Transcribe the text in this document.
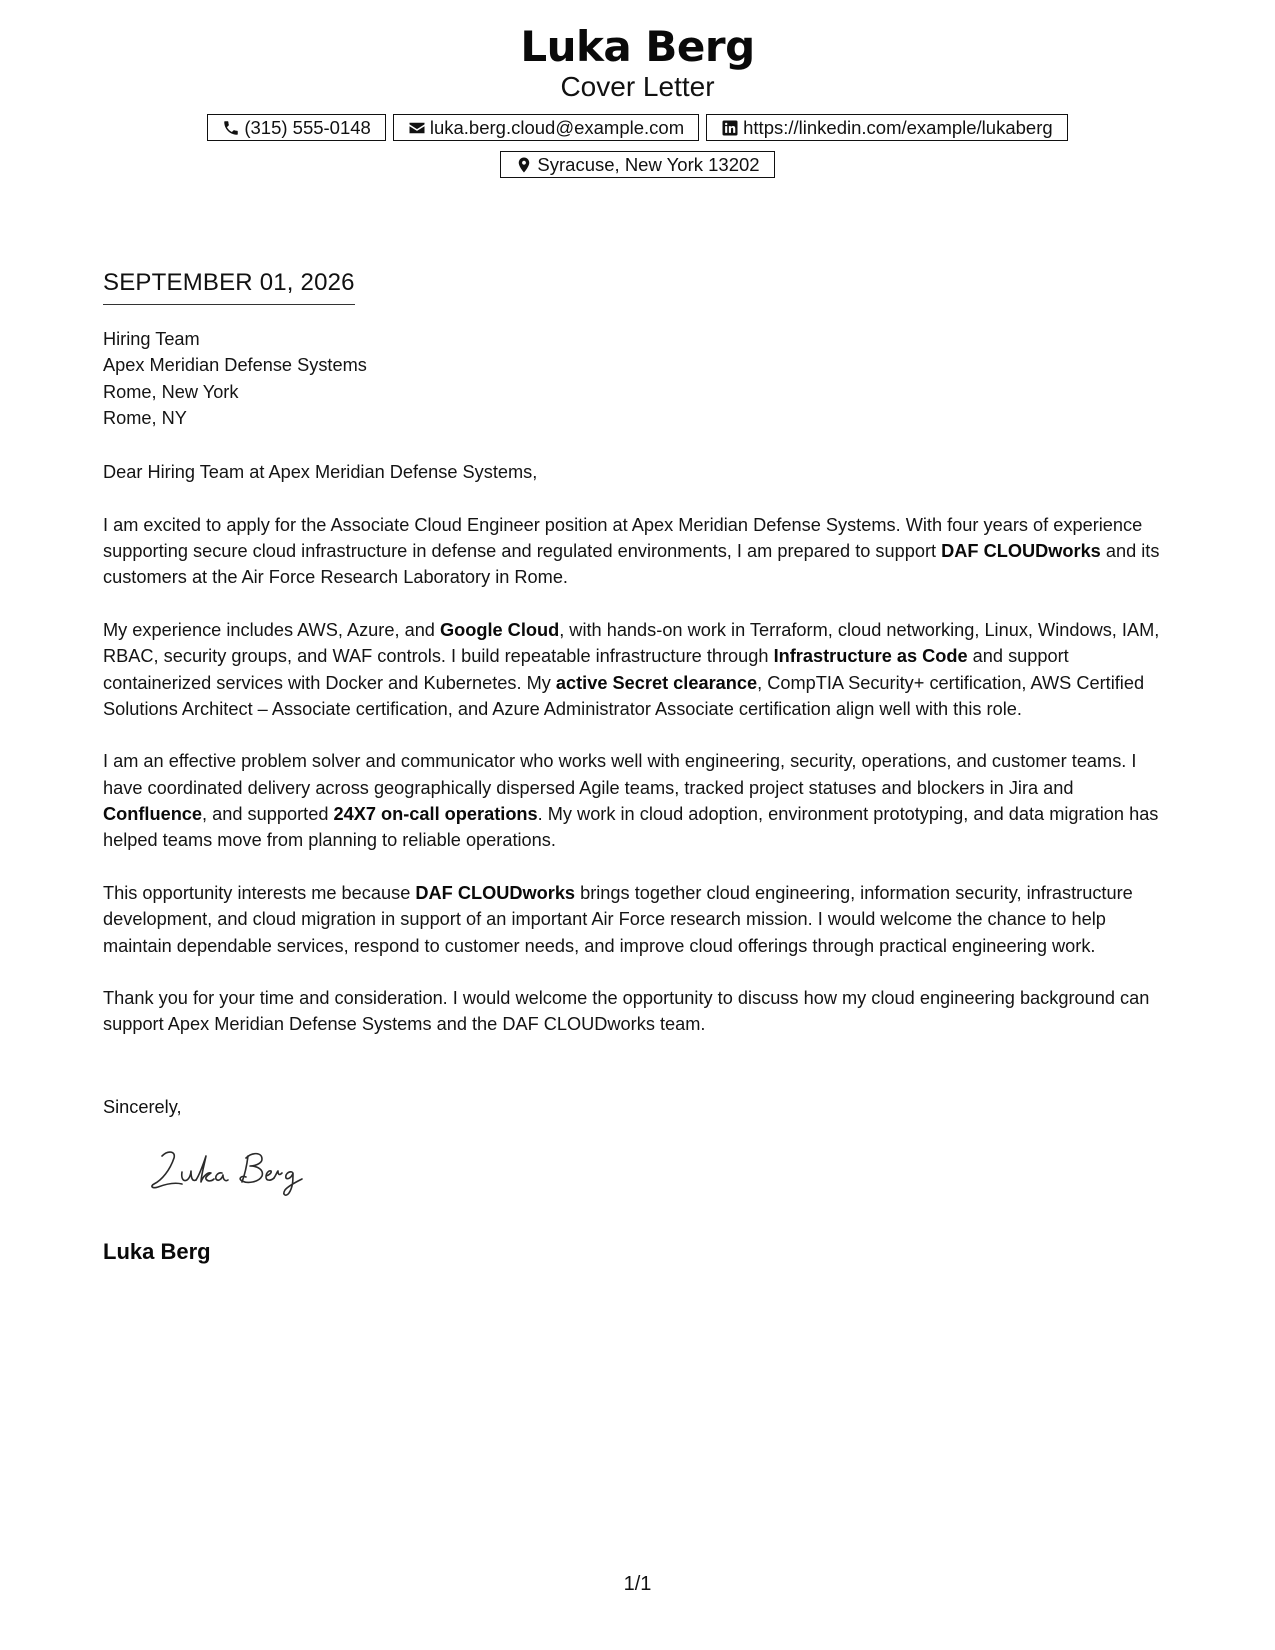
Luka Berg
Cover Letter
(315) 555-0148	luka.berg.cloud@example.com	https://linkedin.com/example/lukaberg
Syracuse, New York 13202
SEPTEMBER 01, 2026
Hiring Team
Apex Meridian Defense Systems
Rome, New York
Rome, NY

Dear Hiring Team at Apex Meridian Defense Systems,

I am excited to apply for the Associate Cloud Engineer position at Apex Meridian Defense Systems. With four years of experience supporting secure cloud infrastructure in defense and regulated environments, I am prepared to support DAF CLOUDworks and its customers at the Air Force Research Laboratory in Rome.

My experience includes AWS, Azure, and Google Cloud, with hands-on work in Terraform, cloud networking, Linux, Windows, IAM, RBAC, security groups, and WAF controls. I build repeatable infrastructure through Infrastructure as Code and support containerized services with Docker and Kubernetes. My active Secret clearance, CompTIA Security+ certification, AWS Certified Solutions Architect – Associate certification, and Azure Administrator Associate certification align well with this role.

I am an effective problem solver and communicator who works well with engineering, security, operations, and customer teams. I have coordinated delivery across geographically dispersed Agile teams, tracked project statuses and blockers in Jira and Confluence, and supported 24X7 on-call operations. My work in cloud adoption, environment prototyping, and data migration has helped teams move from planning to reliable operations.

This opportunity interests me because DAF CLOUDworks brings together cloud engineering, information security, infrastructure development, and cloud migration in support of an important Air Force research mission. I would welcome the chance to help maintain dependable services, respond to customer needs, and improve cloud offerings through practical engineering work.

Thank you for your time and consideration. I would welcome the opportunity to discuss how my cloud engineering background can support Apex Meridian Defense Systems and the DAF CLOUDworks team.

Sincerely,
Luka Berg
1/1
